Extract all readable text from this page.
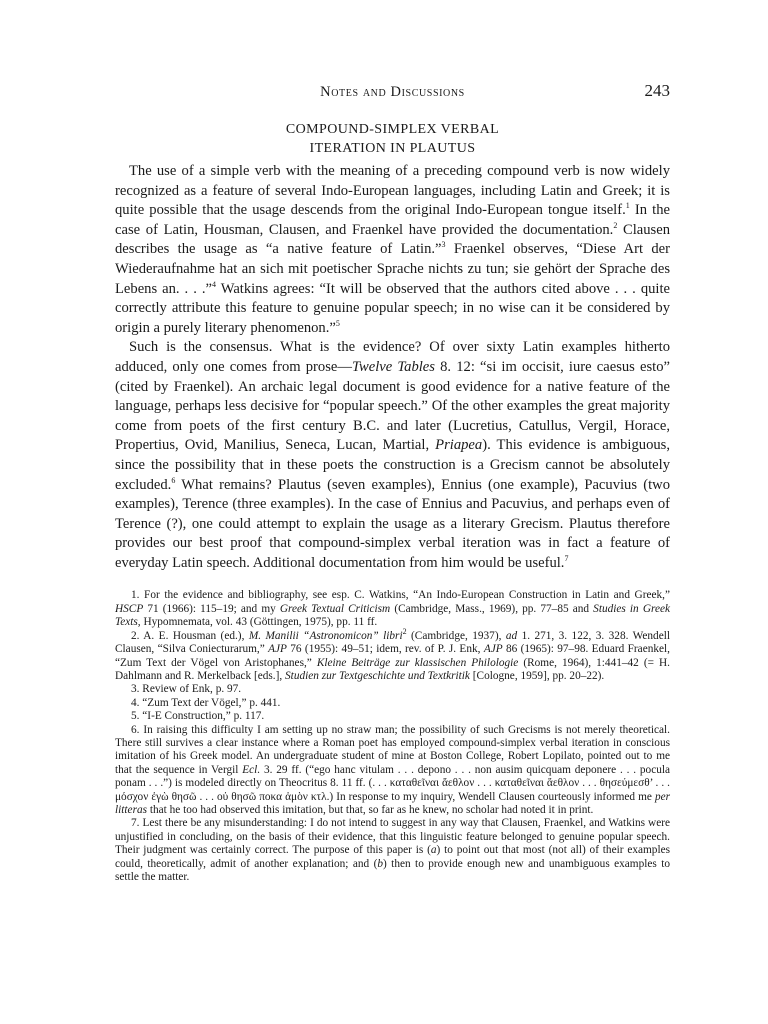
Notes and Discussions	243
COMPOUND-SIMPLEX VERBAL
ITERATION IN PLAUTUS

The use of a simple verb with the meaning of a preceding compound verb is now widely recognized as a feature of several Indo-European languages, including Latin and Greek; it is quite possible that the usage descends from the original Indo-European tongue itself.$^1$ In the case of Latin, Housman, Clausen, and Fraenkel have provided the documentation.$^2$ Clausen describes the usage as “a native feature of Latin.”$^3$ Fraenkel observes, “Diese Art der Wiederaufnahme hat an sich mit poetischer Sprache nichts zu tun; sie gehört der Sprache des Lebens an. . . .”$^4$ Watkins agrees: “It will be observed that the authors cited above . . . quite correctly attribute this feature to genuine popular speech; in no wise can it be considered by origin a purely literary phenomenon.”$^5$

Such is the consensus. What is the evidence? Of over sixty Latin examples hitherto adduced, only one comes from prose—Twelve Tables 8. 12: “si im occisit, iure caesus esto” (cited by Fraenkel). An archaic legal document is good evidence for a native feature of the language, perhaps less decisive for “popular speech.” Of the other examples the great majority come from poets of the first century B.C. and later (Lucretius, Catullus, Vergil, Horace, Propertius, Ovid, Manilius, Seneca, Lucan, Martial, Priapea). This evidence is ambiguous, since the possibility that in these poets the construction is a Grecism cannot be absolutely excluded.$^6$ What remains? Plautus (seven examples), Ennius (one example), Pacuvius (two examples), Terence (three examples). In the case of Ennius and Pacuvius, and perhaps even of Terence (?), one could attempt to explain the usage as a literary Grecism. Plautus therefore provides our best proof that compound-simplex verbal iteration was in fact a feature of everyday Latin speech. Additional documentation from him would be useful.$^7$

1. For the evidence and bibliography, see esp. C. Watkins, “An Indo-European Construction in Latin and Greek,” HSCP 71 (1966): 115–19; and my Greek Textual Criticism (Cambridge, Mass., 1969), pp. 77–85 and Studies in Greek Texts, Hypomnemata, vol. 43 (Göttingen, 1975), pp. 11 ff.

2. A. E. Housman (ed.), M. Manilii “Astronomicon” libri$^2$ (Cambridge, 1937), ad 1. 271, 3. 122, 3. 328. Wendell Clausen, “Silva Coniecturarum,” AJP 76 (1955): 49–51; idem, rev. of P. J. Enk, AJP 86 (1965): 97–98. Eduard Fraenkel, “Zum Text der Vögel von Aristophanes,” Kleine Beiträge zur klassischen Philologie (Rome, 1964), 1:441–42 (= H. Dahlmann and R. Merkelback [eds.], Studien zur Textgeschichte und Textkritik [Cologne, 1959], pp. 20–22).

3. Review of Enk, p. 97.

4. “Zum Text der Vögel,” p. 441.

5. “I-E Construction,” p. 117.

6. In raising this difficulty I am setting up no straw man; the possibility of such Grecisms is not merely theoretical. There still survives a clear instance where a Roman poet has employed compound-simplex verbal iteration in conscious imitation of his Greek model. An undergraduate student of mine at Boston College, Robert Lopilato, pointed out to me that the sequence in Vergil Ecl. 3. 29 ff. (“ego hanc vitulam . . . depono . . . non ausim quicquam deponere . . . pocula ponam . . .”) is modeled directly on Theocritus 8. 11 ff. (. . . καταθεῖναι ἄεθλον . . . καταθεῖναι ἄεθλον . . . θησεύμεσθ’ . . . μόσχον ἐγὼ θησῶ . . . οὐ θησῶ ποκα ἀμὸν κτλ.) In response to my inquiry, Wendell Clausen courteously informed me per litteras that he too had observed this imitation, but that, so far as he knew, no scholar had noted it in print.

7. Lest there be any misunderstanding: I do not intend to suggest in any way that Clausen, Fraenkel, and Watkins were unjustified in concluding, on the basis of their evidence, that this linguistic feature belonged to genuine popular speech. Their judgment was certainly correct. The purpose of this paper is (a) to point out that most (not all) of their examples could, theoretically, admit of another explanation; and (b) then to provide enough new and unambiguous examples to settle the matter.
